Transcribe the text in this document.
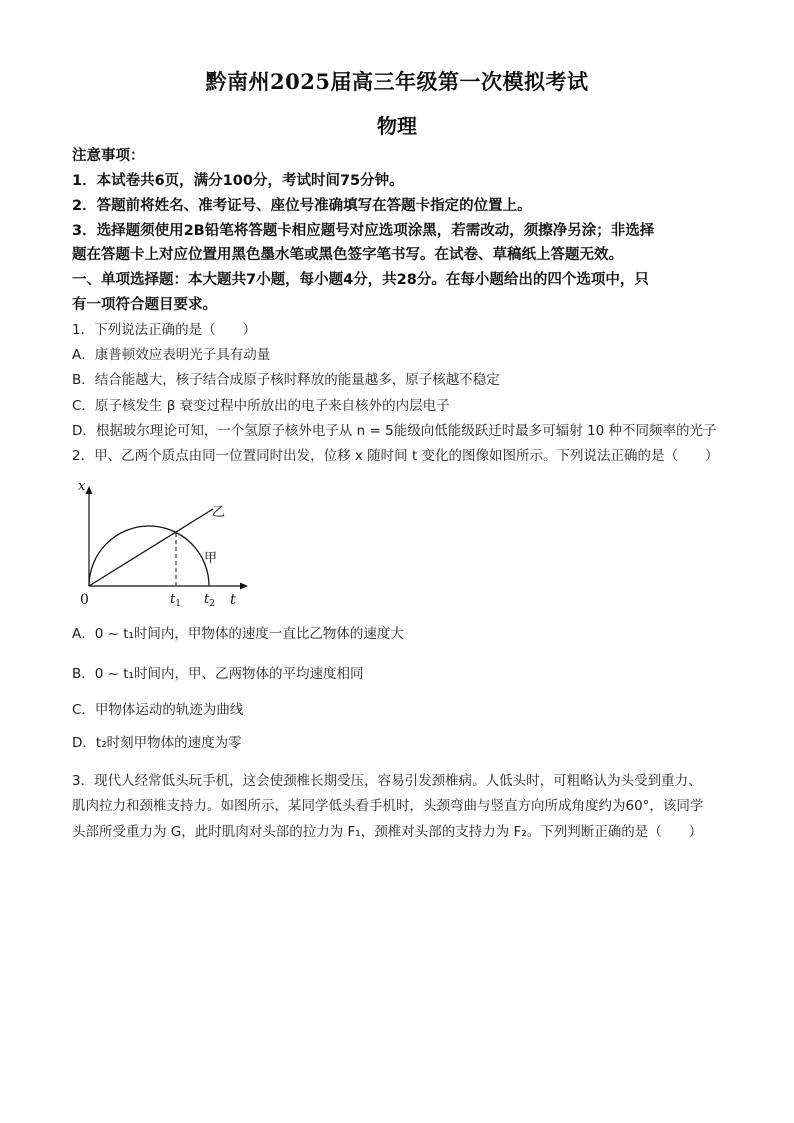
黔南州2025届高三年级第一次模拟考试
物理
注意事项：
1．本试卷共6页，满分100分，考试时间75分钟。
2．答题前将姓名、准考证号、座位号准确填写在答题卡指定的位置上。
3．选择题须使用2B铅笔将答题卡相应题号对应选项涂黑，若需改动，须擦净另涂；非选择
题在答题卡上对应位置用黑色墨水笔或黑色签字笔书写。在试卷、草稿纸上答题无效。
一、单项选择题：本大题共7小题，每小题4分，共28分。在每小题给出的四个选项中，只
有一项符合题目要求。
1．下列说法正确的是（　　）
A．康普顿效应表明光子具有动量
B．结合能越大，核子结合成原子核时释放的能量越多，原子核越不稳定
C．原子核发生 β 衰变过程中所放出的电子来自核外的内层电子
D．根据玻尔理论可知，一个氢原子核外电子从 n = 5能级向低能级跃迁时最多可辐射 10 种不同频率的光子
2．甲、乙两个质点由同一位置同时出发，位移 x 随时间 t 变化的图像如图所示。下列说法正确的是（　　）
x
t
0
乙
甲
$t_1$ $t_2$
A．0 ~ t₁时间内，甲物体的速度一直比乙物体的速度大
B．0 ~ t₁时间内，甲、乙两物体的平均速度相同
C．甲物体运动的轨迹为曲线
D．t₂时刻甲物体的速度为零
3．现代人经常低头玩手机，这会使颈椎长期受压，容易引发颈椎病。人低头时，可粗略认为头受到重力、
肌肉拉力和颈椎支持力。如图所示，某同学低头看手机时，头颈弯曲与竖直方向所成角度约为60°，该同学
头部所受重力为 G，此时肌肉对头部的拉力为 F₁，颈椎对头部的支持力为 F₂。下列判断正确的是（　　）
